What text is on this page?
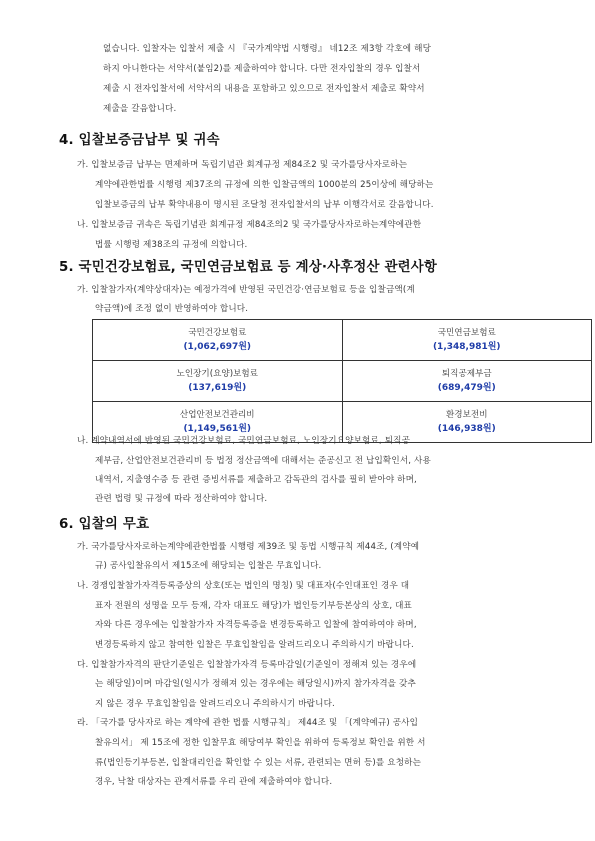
없습니다. 입찰자는 입찰서 제출 시 『국가계약법 시행령』 네12조 제3항 각호에 해당
하지 아니한다는 서약서(붙임2)를 제출하여야 합니다. 다만 전자입찰의 경우 입찰서
제출 시 전자입찰서에 서약서의 내용을 포함하고 있으므로 전자입찰서 제출로 확약서
제출을 갈음합니다.
4. 입찰보증금납부 및 귀속
가. 입찰보증금 납부는 면제하며 독립기념관 회계규정 제84조2 및 국가를당사자로하는
계약에관한법률 시행령 제37조의 규정에 의한 입찰금액의 1000분의 25이상에 해당하는
입찰보증금의 납부 확약내용이 명시된 조달청 전자입찰서의 납부 이행각서로 갈음합니다.
나. 입찰보증금 귀속은 독립기념관 회계규정 제84조의2 및 국가를당사자로하는계약에관한
법률 시행령 제38조의 규정에 의합니다.
5. 국민건강보험료, 국민연금보험료 등 계상·사후정산 관련사항
가. 입찰참가자(계약상대자)는 예정가격에 반영된 국민건강·연금보험료 등을 입찰금액(계
약금액)에 조정 없이 반영하여야 합니다.
국민건강보험료
(1,062,697원)	국민연금보험료
(1,348,981원)

노인장기(요양)보험료
(137,619원)	퇴직공제부금
(689,479원)

산업안전보건관리비
(1,149,561원)	환경보전비
(146,938원)
나. 계약내역서에 반영된 국민건강보험료, 국민연금보험료, 노인장기요양보험료, 퇴직공
제부금, 산업안전보건관리비 등 법정 정산금액에 대해서는 준공신고 전 납입확인서, 사용
내역서, 지출영수증 등 관련 증빙서류를 제출하고 감독관의 검사를 필히 받아야 하며,
관련 법령 및 규정에 따라 정산하여야 합니다.
6. 입찰의 무효
가. 국가를당사자로하는계약에관한법률 시행령 제39조 및 동법 시행규칙 제44조, (계약예
규) 공사입찰유의서 제15조에 해당되는 입찰은 무효입니다.
나. 경쟁입찰참가자격등록증상의 상호(또는 법인의 명칭) 및 대표자(수인대표인 경우 대
표자 전원의 성명을 모두 등재, 각자 대표도 해당)가 법인등기부등본상의 상호, 대표
자와 다른 경우에는 입찰참가자 자격등록증을 변경등록하고 입찰에 참여하여야 하며,
변경등록하지 않고 참여한 입찰은 무효입찰임을 알려드리오니 주의하시기 바랍니다.
다. 입찰참가자격의 판단기준일은 입찰참가자격 등록마감일(기준일이 정해져 있는 경우에
는 해당일)이며 마감일(일시가 정해져 있는 경우에는 해당일시)까지 참가자격을 갖추
지 않은 경우 무효입찰임을 알려드리오니 주의하시기 바랍니다.
라. 「국가를 당사자로 하는 계약에 관한 법률 시행규칙」 제44조 및 「(계약예규) 공사입
찰유의서」 제 15조에 정한 입찰무효 해당여부 확인을 위하여 등록정보 확인을 위한 서
류(법인등기부등본, 입찰대리인을 확인할 수 있는 서류, 관련되는 면허 등)를 요청하는
경우, 낙찰 대상자는 관계서류를 우리 관에 제출하여야 합니다.
